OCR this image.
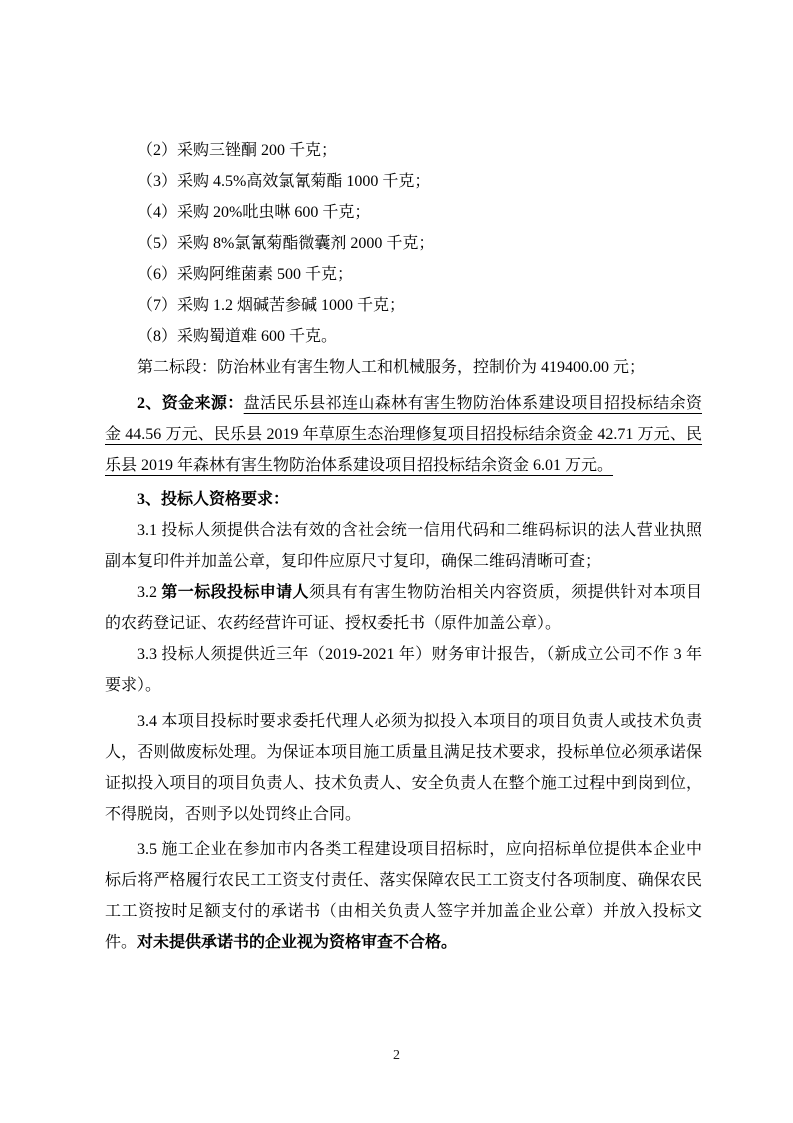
（2）采购三锉酮 200 千克；

（3）采购 4.5%高效氯氰菊酯 1000 千克；

（4）采购 20%吡虫啉 600 千克；

（5）采购 8%氯氰菊酯微囊剂 2000 千克；

（6）采购阿维菌素 500 千克；

（7）采购 1.2 烟碱苦参碱 1000 千克；

（8）采购蜀道难 600 千克。

第二标段：防治林业有害生物人工和机械服务，控制价为 419400.00 元；

2、资金来源：盘活民乐县祁连山森林有害生物防治体系建设项目招投标结余资金 44.56 万元、民乐县 2019 年草原生态治理修复项目招投标结余资金 42.71 万元、民乐县 2019 年森林有害生物防治体系建设项目招投标结余资金 6.01 万元。

3、投标人资格要求：

3.1 投标人须提供合法有效的含社会统一信用代码和二维码标识的法人营业执照副本复印件并加盖公章，复印件应原尺寸复印，确保二维码清晰可查；

3.2 第一标段投标申请人须具有有害生物防治相关内容资质，须提供针对本项目的农药登记证、农药经营许可证、授权委托书（原件加盖公章）。

3.3 投标人须提供近三年（2019-2021 年）财务审计报告，（新成立公司不作 3 年要求）。

3.4 本项目投标时要求委托代理人必须为拟投入本项目的项目负责人或技术负责人，否则做废标处理。为保证本项目施工质量且满足技术要求，投标单位必须承诺保证拟投入项目的项目负责人、技术负责人、安全负责人在整个施工过程中到岗到位，不得脱岗，否则予以处罚终止合同。

3.5 施工企业在参加市内各类工程建设项目招标时，应向招标单位提供本企业中标后将严格履行农民工工资支付责任、落实保障农民工工资支付各项制度、确保农民工工资按时足额支付的承诺书（由相关负责人签字并加盖企业公章）并放入投标文件。对未提供承诺书的企业视为资格审查不合格。

2
